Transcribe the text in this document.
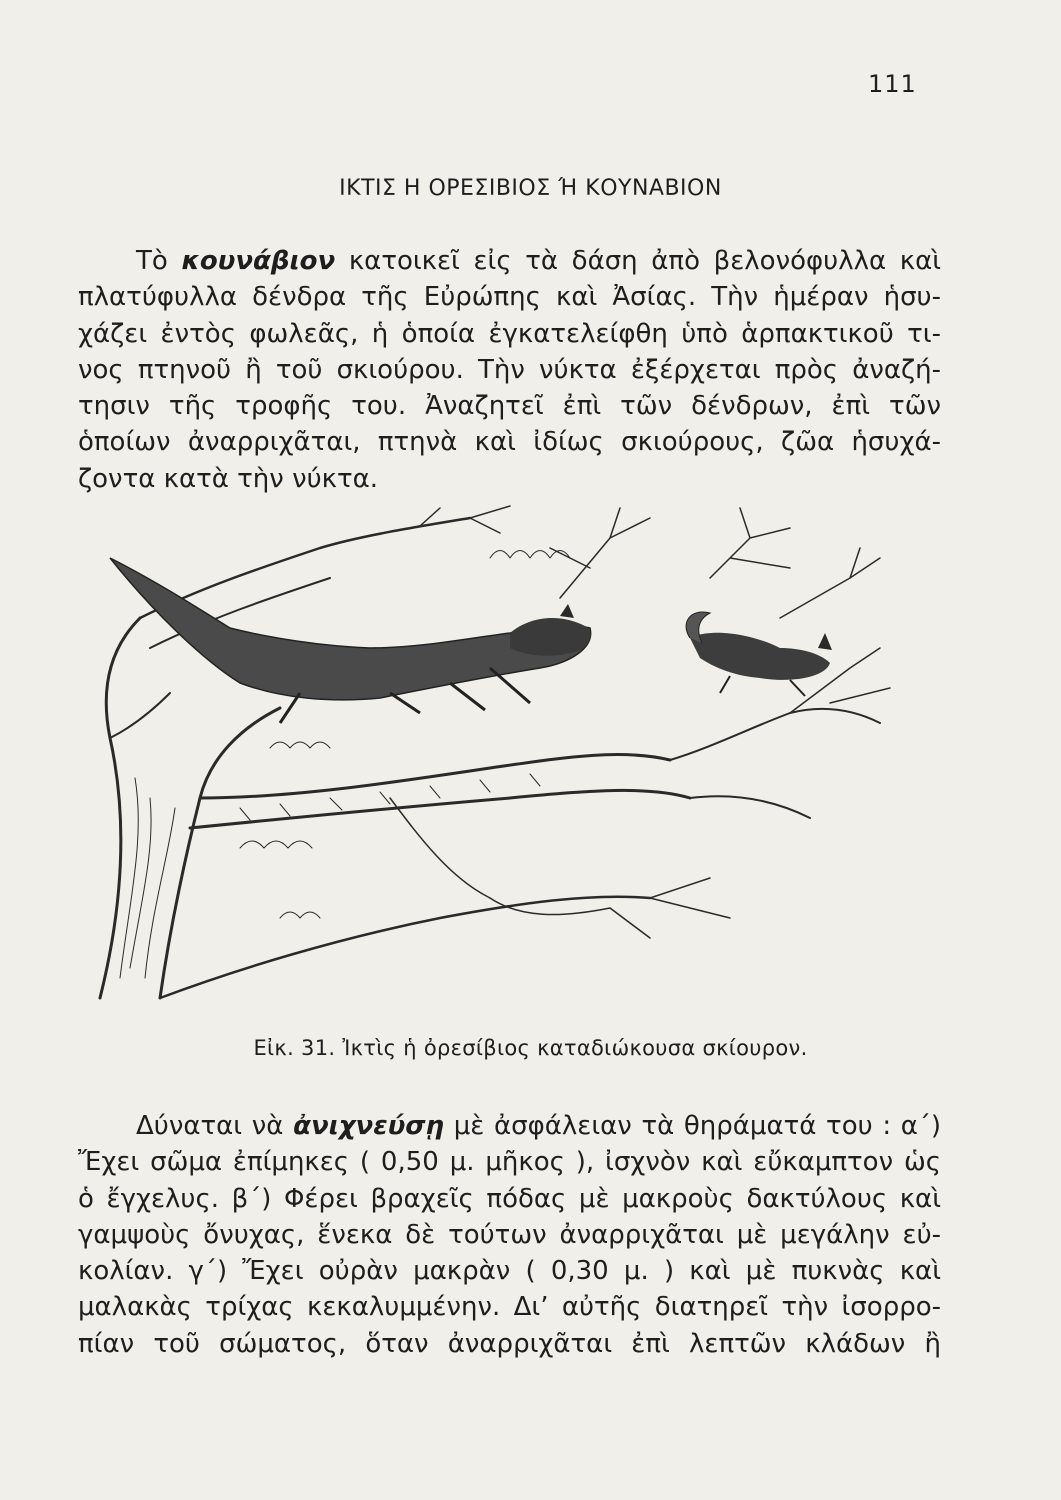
111
ΙΚΤΙΣ Η ΟΡΕΣΙΒΙΟΣ Ή ΚΟΥΝΑΒΙΟΝ
Τὸ κουνάβιον κατοικεῖ εἰς τὰ δάση ἀπὸ βελονόφυλλα καὶ
πλατύφυλλα δένδρα τῆς Εὐρώπης καὶ Ἀσίας. Τὴν ἡμέραν ἡσυ-
χάζει ἐντὸς φωλεᾶς, ἡ ὁποία ἐγκατελείφθη ὑπὸ ἁρπακτικοῦ τι-
νος πτηνοῦ ἢ τοῦ σκιούρου. Τὴν νύκτα ἐξέρχεται πρὸς ἀναζή-
τησιν τῆς τροφῆς του. Ἀναζητεῖ ἐπὶ τῶν δένδρων, ἐπὶ τῶν
ὁποίων ἀναρριχᾶται, πτηνὰ καὶ ἰδίως σκιούρους, ζῶα ἡσυχά-
ζοντα κατὰ τὴν νύκτα.
Εἰκ. 31. Ἰκτὶς ἡ ὀρεσίβιος καταδιώκουσα σκίουρον.
Δύναται νὰ ἀνιχνεύσῃ μὲ ἀσφάλειαν τὰ θηράματά του : α΄)
Ἔχει σῶμα ἐπίμηκες ( 0,50 μ. μῆκος ), ἰσχνὸν καὶ εὔκαμπτον ὡς
ὁ ἔγχελυς. β΄) Φέρει βραχεῖς πόδας μὲ μακροὺς δακτύλους καὶ
γαμψοὺς ὄνυχας, ἕνεκα δὲ τούτων ἀναρριχᾶται μὲ μεγάλην εὐ-
κολίαν. γ΄) Ἔχει οὐρὰν μακρὰν ( 0,30 μ. ) καὶ μὲ πυκνὰς καὶ
μαλακὰς τρίχας κεκαλυμμένην. Διʼ αὐτῆς διατηρεῖ τὴν ἰσορρο-
πίαν τοῦ σώματος, ὅταν ἀναρριχᾶται ἐπὶ λεπτῶν κλάδων ἢ
